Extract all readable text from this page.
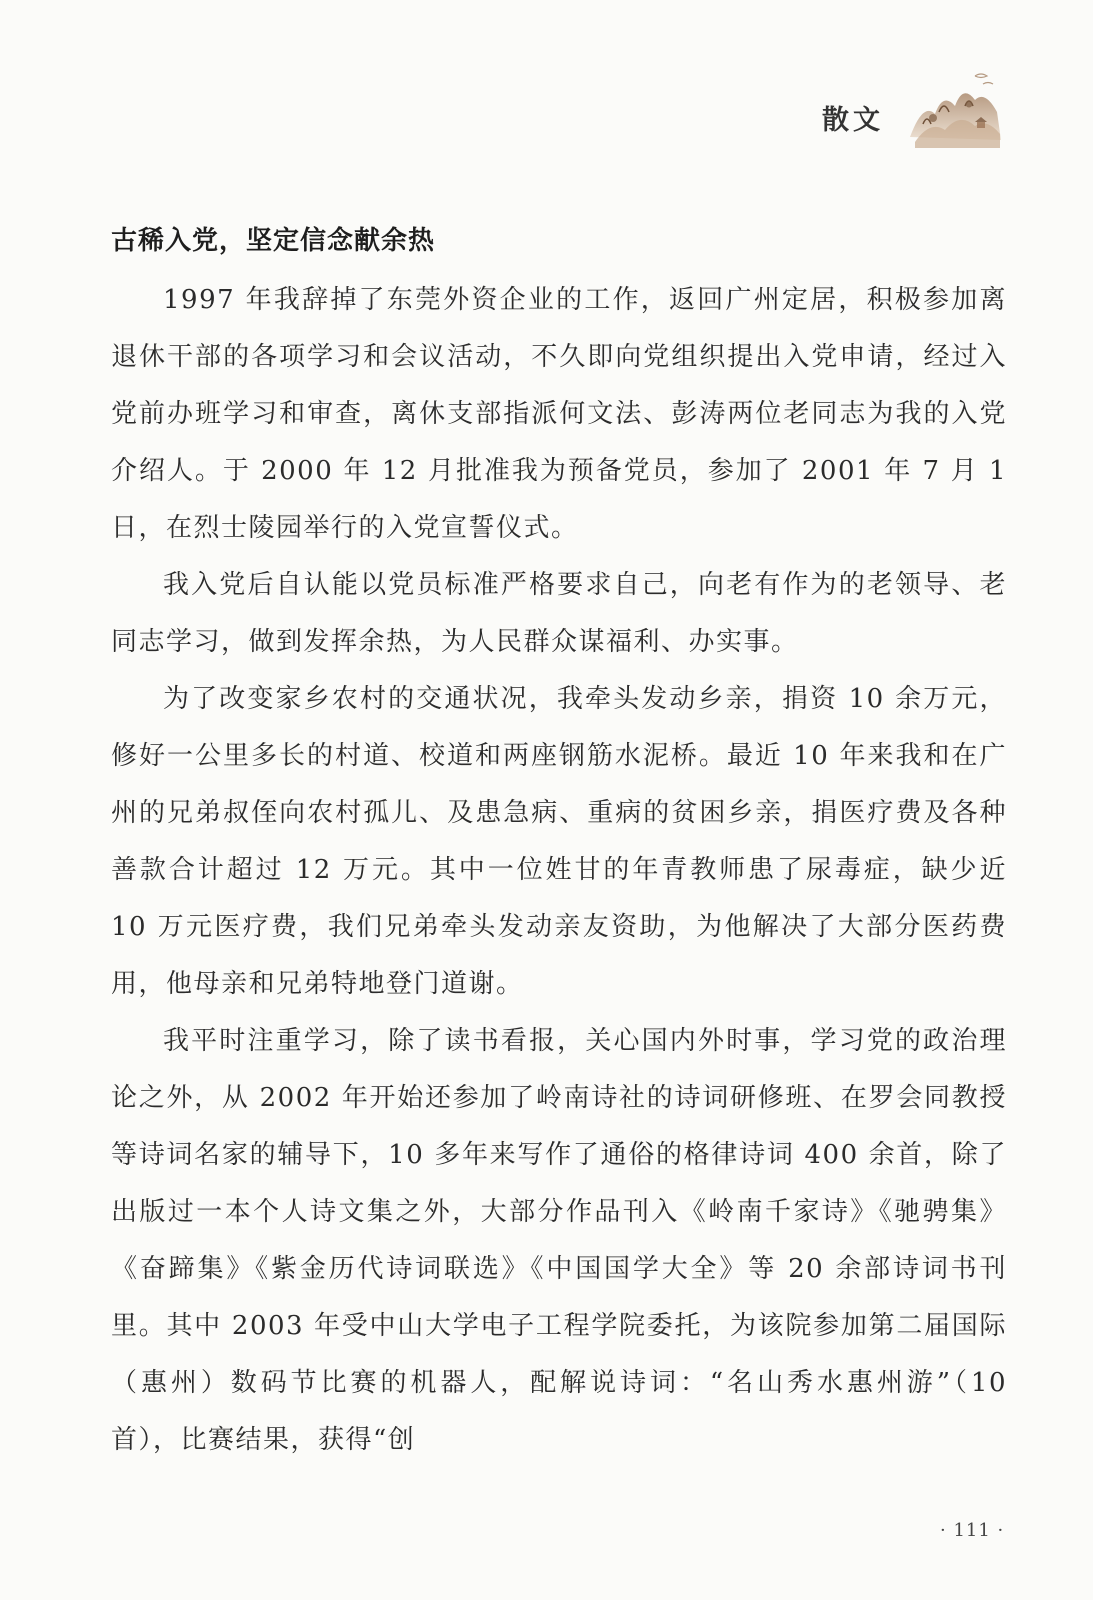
散文
古稀入党，坚定信念献余热

1997 年我辞掉了东莞外资企业的工作，返回广州定居，积极参加离退休干部的各项学习和会议活动，不久即向党组织提出入党申请，经过入党前办班学习和审查，离休支部指派何文法、彭涛两位老同志为我的入党介绍人。于 2000 年 12 月批准我为预备党员，参加了 2001 年 7 月 1 日，在烈士陵园举行的入党宣誓仪式。

我入党后自认能以党员标准严格要求自己，向老有作为的老领导、老同志学习，做到发挥余热，为人民群众谋福利、办实事。

为了改变家乡农村的交通状况，我牵头发动乡亲，捐资 10 余万元，修好一公里多长的村道、校道和两座钢筋水泥桥。最近 10 年来我和在广州的兄弟叔侄向农村孤儿、及患急病、重病的贫困乡亲，捐医疗费及各种善款合计超过 12 万元。其中一位姓甘的年青教师患了尿毒症，缺少近 10 万元医疗费，我们兄弟牵头发动亲友资助，为他解决了大部分医药费用，他母亲和兄弟特地登门道谢。

我平时注重学习，除了读书看报，关心国内外时事，学习党的政治理论之外，从 2002 年开始还参加了岭南诗社的诗词研修班、在罗会同教授等诗词名家的辅导下，10 多年来写作了通俗的格律诗词 400 余首，除了出版过一本个人诗文集之外，大部分作品刊入《岭南千家诗》《驰骋集》《奋蹄集》《紫金历代诗词联选》《中国国学大全》等 20 余部诗词书刊里。其中 2003 年受中山大学电子工程学院委托，为该院参加第二届国际（惠州）数码节比赛的机器人，配解说诗词：“名山秀水惠州游”（10 首），比赛结果，获得“创

· 111 ·
